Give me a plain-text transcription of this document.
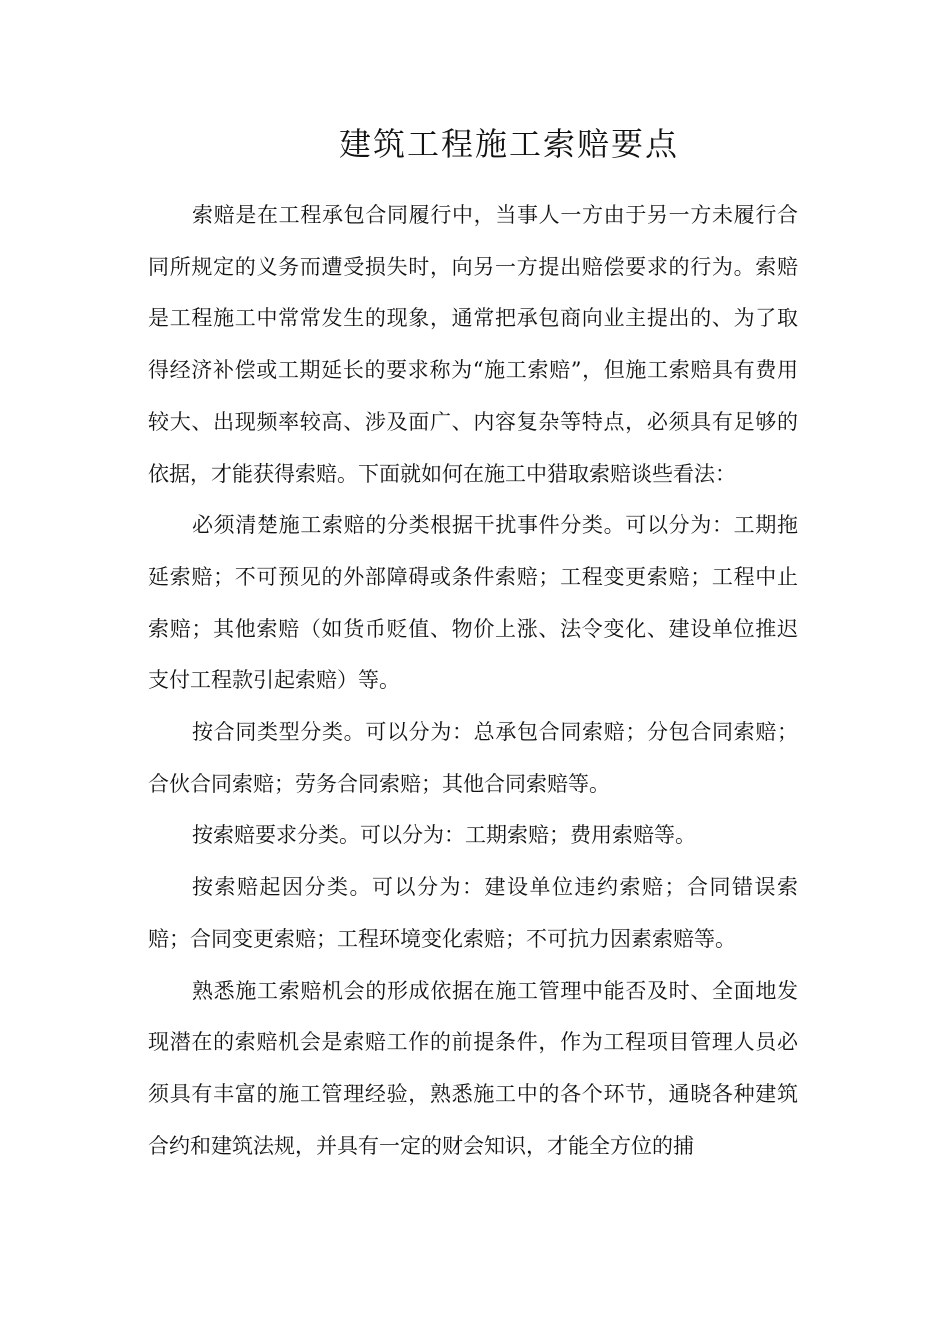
建筑工程施工索赔要点

索赔是在工程承包合同履行中，当事人一方由于另一方未履行合同所规定的义务而遭受损失时，向另一方提出赔偿要求的行为。索赔是工程施工中常常发生的现象，通常把承包商向业主提出的、为了取得经济补偿或工期延长的要求称为“施工索赔”，但施工索赔具有费用较大、出现频率较高、涉及面广、内容复杂等特点，必须具有足够的依据，才能获得索赔。下面就如何在施工中猎取索赔谈些看法：

必须清楚施工索赔的分类根据干扰事件分类。可以分为：工期拖延索赔；不可预见的外部障碍或条件索赔；工程变更索赔；工程中止索赔；其他索赔（如货币贬值、物价上涨、法令变化、建设单位推迟支付工程款引起索赔）等。

按合同类型分类。可以分为：总承包合同索赔；分包合同索赔；合伙合同索赔；劳务合同索赔；其他合同索赔等。

按索赔要求分类。可以分为：工期索赔；费用索赔等。

按索赔起因分类。可以分为：建设单位违约索赔；合同错误索赔；合同变更索赔；工程环境变化索赔；不可抗力因素索赔等。

熟悉施工索赔机会的形成依据在施工管理中能否及时、全面地发现潜在的索赔机会是索赔工作的前提条件，作为工程项目管理人员必须具有丰富的施工管理经验，熟悉施工中的各个环节，通晓各种建筑合约和建筑法规，并具有一定的财会知识，才能全方位的捕
